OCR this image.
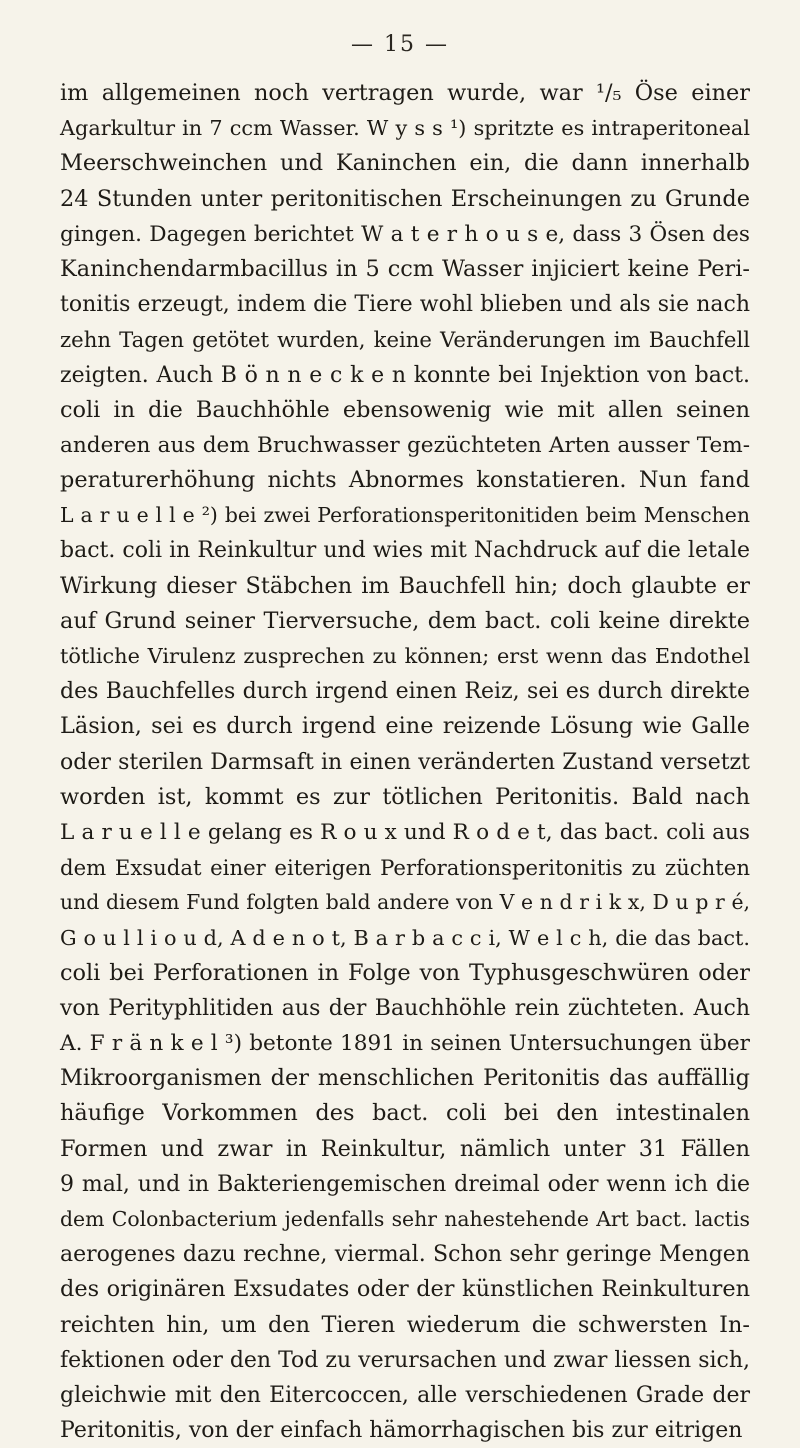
— 15 —
im allgemeinen noch vertragen wurde, war ¹/₅ Öse einer
Agarkultur in 7 ccm Wasser. W y s s ¹) spritzte es intraperitoneal
Meerschweinchen und Kaninchen ein, die dann innerhalb
24 Stunden unter peritonitischen Erscheinungen zu Grunde
gingen. Dagegen berichtet W a t e r h o u s e, dass 3 Ösen des
Kaninchendarmbacillus in 5 ccm Wasser injiciert keine Peri-
tonitis erzeugt, indem die Tiere wohl blieben und als sie nach
zehn Tagen getötet wurden, keine Veränderungen im Bauchfell
zeigten. Auch B ö n n e c k e n konnte bei Injektion von bact.
coli in die Bauchhöhle ebensowenig wie mit allen seinen
anderen aus dem Bruchwasser gezüchteten Arten ausser Tem-
peraturerhöhung nichts Abnormes konstatieren. Nun fand
L a r u e l l e ²) bei zwei Perforationsperitonitiden beim Menschen
bact. coli in Reinkultur und wies mit Nachdruck auf die letale
Wirkung dieser Stäbchen im Bauchfell hin; doch glaubte er
auf Grund seiner Tierversuche, dem bact. coli keine direkte
tötliche Virulenz zusprechen zu können; erst wenn das Endothel
des Bauchfelles durch irgend einen Reiz, sei es durch direkte
Läsion, sei es durch irgend eine reizende Lösung wie Galle
oder sterilen Darmsaft in einen veränderten Zustand versetzt
worden ist, kommt es zur tötlichen Peritonitis. Bald nach
L a r u e l l e gelang es R o u x und R o d e t, das bact. coli aus
dem Exsudat einer eiterigen Perforationsperitonitis zu züchten
und diesem Fund folgten bald andere von V e n d r i k x, D u p r é,
G o u l l i o u d, A d e n o t, B a r b a c c i, W e l c h, die das bact.
coli bei Perforationen in Folge von Typhusgeschwüren oder
von Perityphlitiden aus der Bauchhöhle rein züchteten. Auch
A. F r ä n k e l ³) betonte 1891 in seinen Untersuchungen über
Mikroorganismen der menschlichen Peritonitis das auffällig
häufige Vorkommen des bact. coli bei den intestinalen
Formen und zwar in Reinkultur, nämlich unter 31 Fällen
9 mal, und in Bakteriengemischen dreimal oder wenn ich die
dem Colonbacterium jedenfalls sehr nahestehende Art bact. lactis
aerogenes dazu rechne, viermal. Schon sehr geringe Mengen
des originären Exsudates oder der künstlichen Reinkulturen
reichten hin, um den Tieren wiederum die schwersten In-
fektionen oder den Tod zu verursachen und zwar liessen sich,
gleichwie mit den Eitercoccen, alle verschiedenen Grade der
Peritonitis, von der einfach hämorrhagischen bis zur eitrigen
